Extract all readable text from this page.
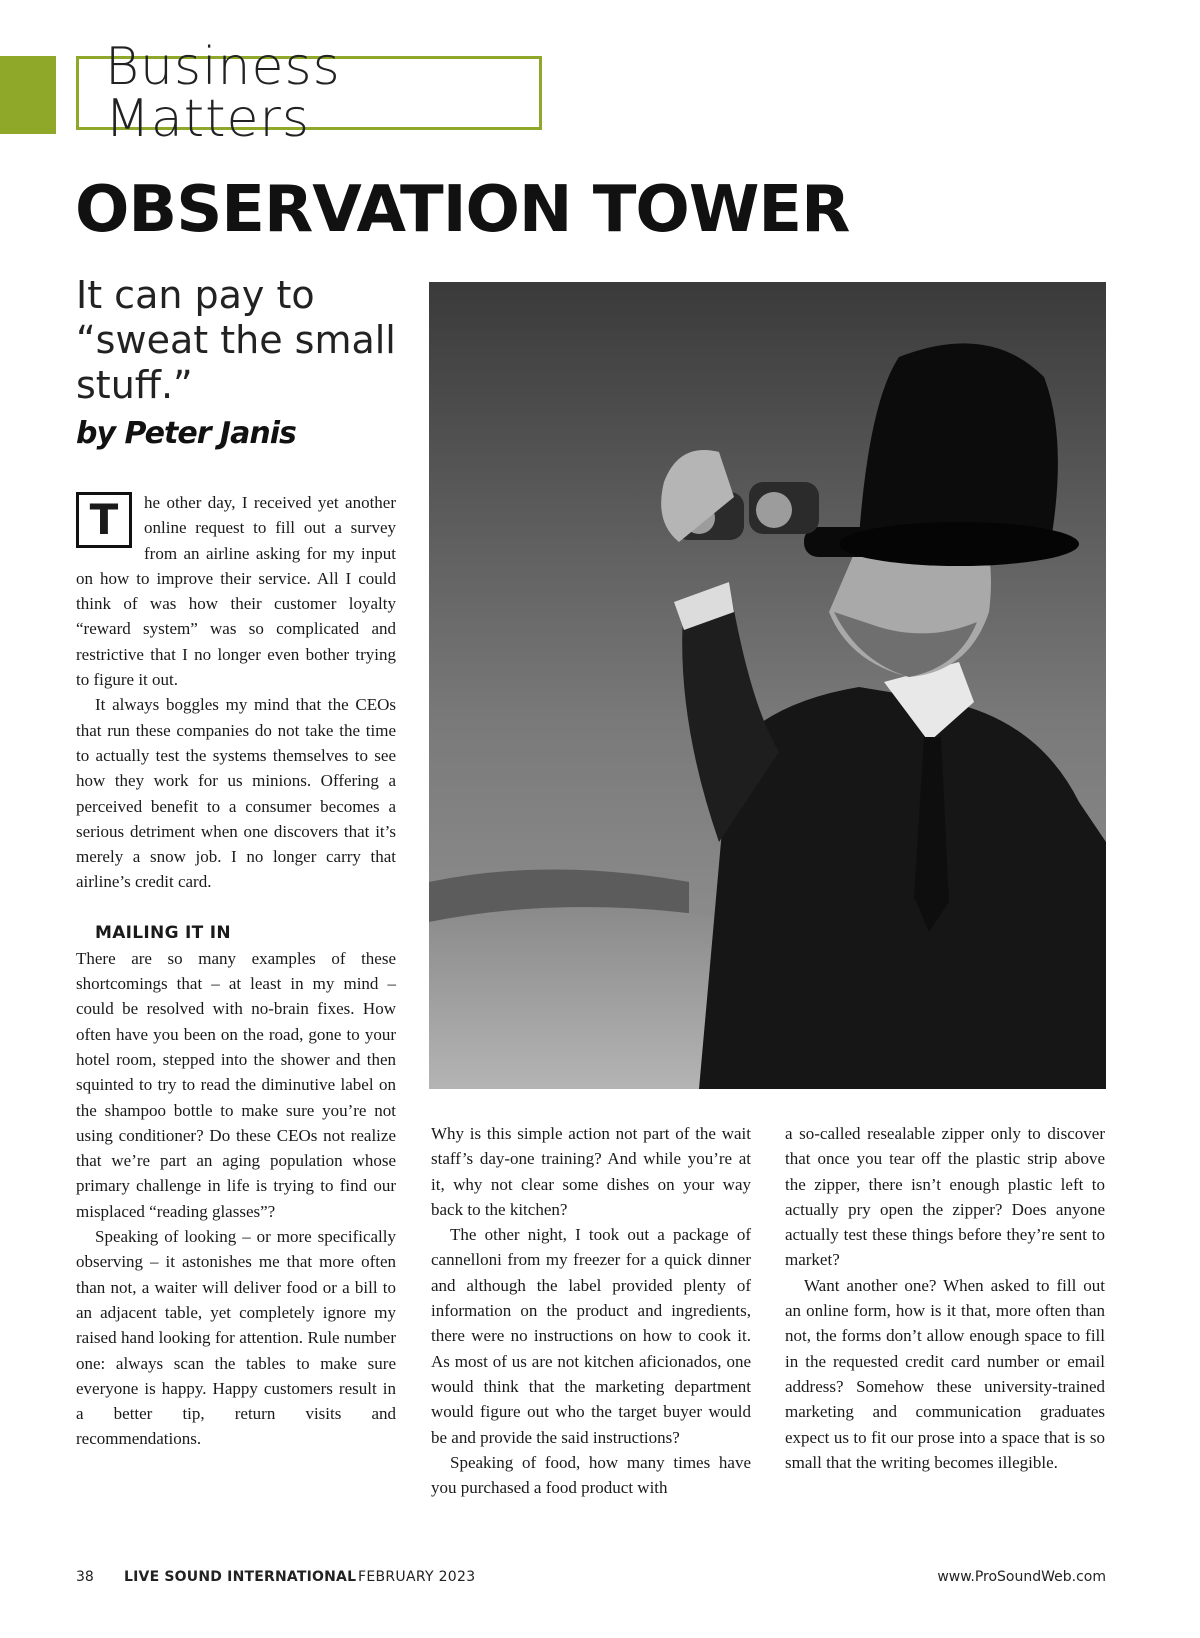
Business Matters
OBSERVATION TOWER

It can pay to “sweat the small stuff.”

by Peter Janis

T	he other day, I received yet another online request to fill out a survey from an airline asking for my input on how to improve their service. All I could think of was how their customer loyalty “reward system” was so complicated and restrictive that I no longer even bother trying to figure it out.

It always boggles my mind that the CEOs that run these companies do not take the time to actually test the systems themselves to see how they work for us minions. Offering a perceived benefit to a consumer becomes a serious detriment when one discovers that it’s merely a snow job. I no longer carry that airline’s credit card.

MAILING IT IN

There are so many examples of these shortcomings that – at least in my mind – could be resolved with no-brain fixes. How often have you been on the road, gone to your hotel room, stepped into the shower and then squinted to try to read the diminutive label on the shampoo bottle to make sure you’re not using conditioner? Do these CEOs not realize that we’re part an aging population whose primary challenge in life is trying to find our misplaced “reading glasses”?

Speaking of looking – or more specifically observing – it astonishes me that more often than not, a waiter will deliver food or a bill to an adjacent table, yet completely ignore my raised hand looking for attention. Rule number one: always scan the tables to make sure everyone is happy. Happy customers result in a better tip, return visits and recommendations.

Why is this simple action not part of the wait staff’s day-one training? And while you’re at it, why not clear some dishes on your way back to the kitchen?

The other night, I took out a package of cannelloni from my freezer for a quick dinner and although the label provided plenty of information on the product and ingredients, there were no instructions on how to cook it. As most of us are not kitchen aficionados, one would think that the marketing department would figure out who the target buyer would be and provide the said instructions?

Speaking of food, how many times have you purchased a food product with

a so-called resealable zipper only to discover that once you tear off the plastic strip above the zipper, there isn’t enough plastic left to actually pry open the zipper? Does anyone actually test these things before they’re sent to market?

Want another one? When asked to fill out an online form, how is it that, more often than not, the forms don’t allow enough space to fill in the requested credit card number or email address? Somehow these university-trained marketing and communication graduates expect us to fit our prose into a space that is so small that the writing becomes illegible.

38 LIVE SOUND INTERNATIONAL FEBRUARY 2023	www.ProSoundWeb.com
